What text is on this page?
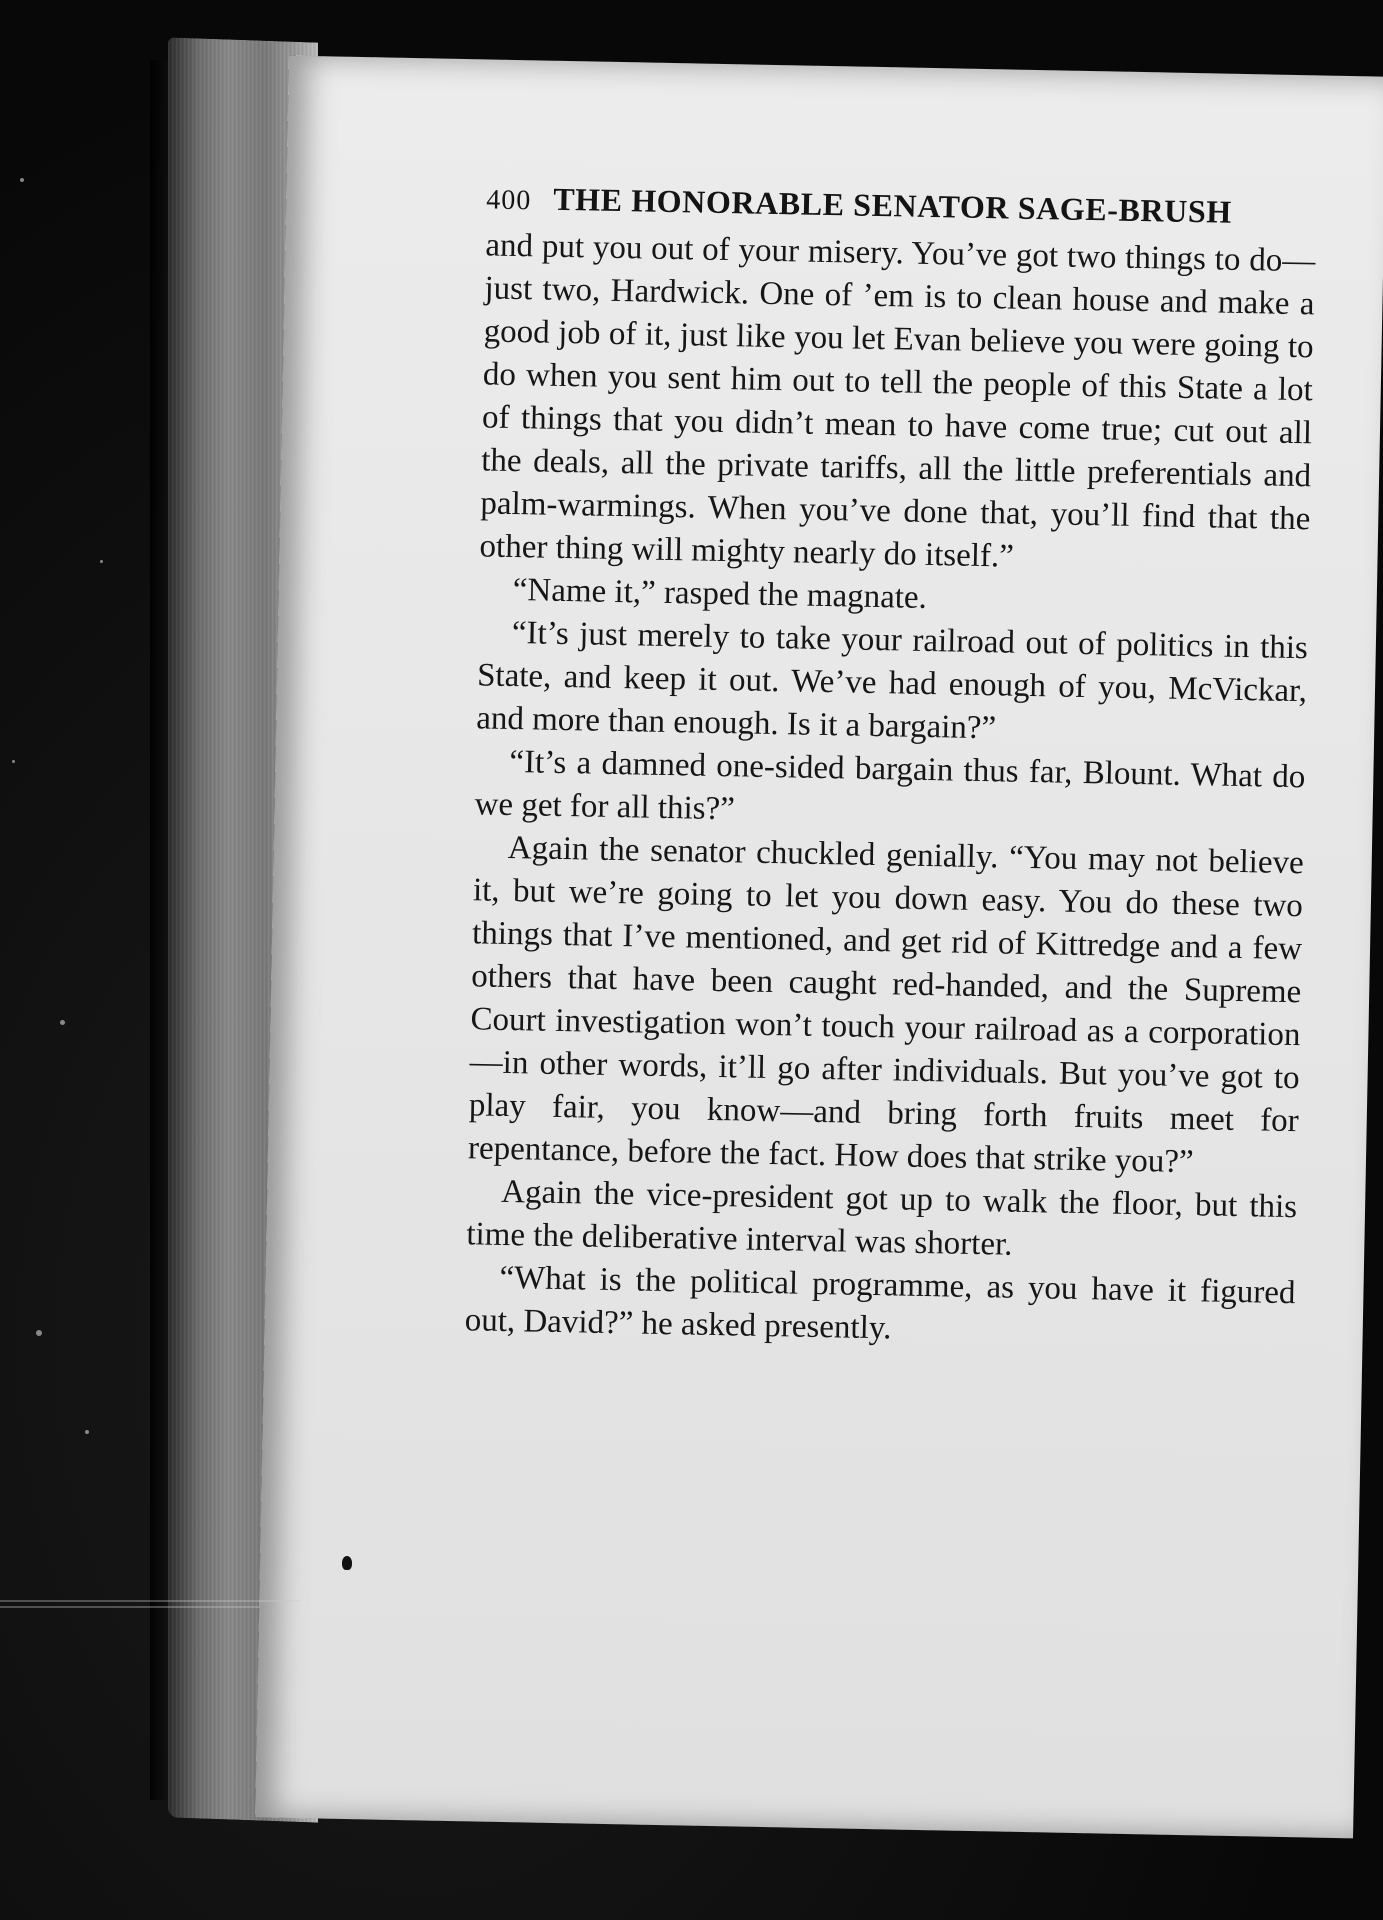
400 THE HONORABLE SENATOR SAGE-BRUSH

and put you out of your misery. You’ve got two things to do—just two, Hardwick. One of ’em is to clean house and make a good job of it, just like you let Evan believe you were going to do when you sent him out to tell the people of this State a lot of things that you didn’t mean to have come true; cut out all the deals, all the private tariffs, all the little preferentials and palm-warmings. When you’ve done that, you’ll find that the other thing will mighty nearly do itself.”

“Name it,” rasped the magnate.

“It’s just merely to take your railroad out of politics in this State, and keep it out. We’ve had enough of you, McVickar, and more than enough. Is it a bargain?”

“It’s a damned one-sided bargain thus far, Blount. What do we get for all this?”

Again the senator chuckled genially. “You may not believe it, but we’re going to let you down easy. You do these two things that I’ve mentioned, and get rid of Kittredge and a few others that have been caught red-handed, and the Supreme Court investigation won’t touch your railroad as a corporation —in other words, it’ll go after individuals. But you’ve got to play fair, you know—and bring forth fruits meet for repentance, before the fact. How does that strike you?”

Again the vice-president got up to walk the floor, but this time the deliberative interval was shorter.

“What is the political programme, as you have it figured out, David?” he asked presently.
